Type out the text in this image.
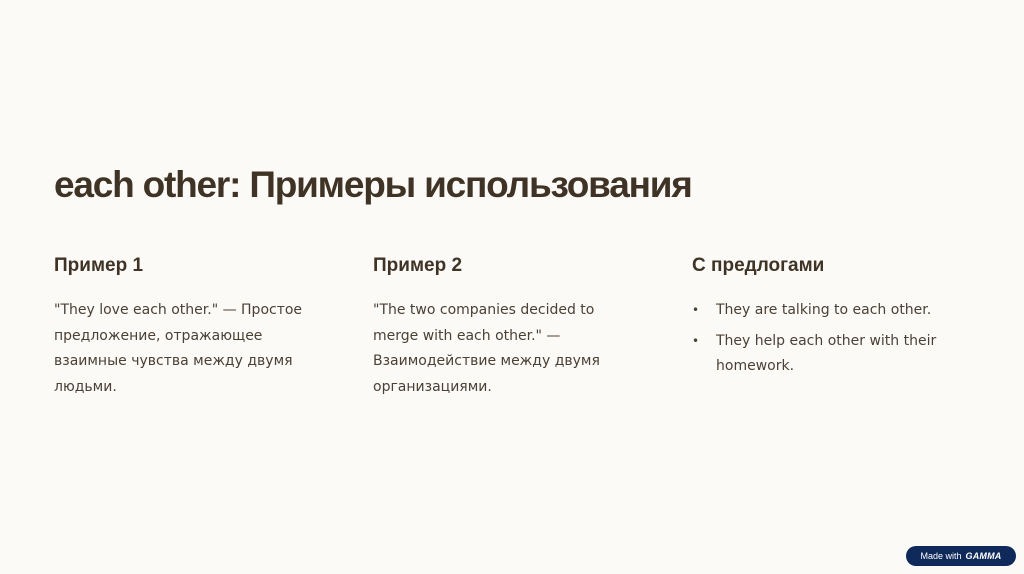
each other: Примеры использования
Пример 1

"They love each other." — Простое предложение, отражающее взаимные чувства между двумя людьми.

Пример 2

"The two companies decided to merge with each other." — Взаимодействие между двумя организациями.

С предлогами
• They are talking to each other.
• They help each other with their homework.
Made with GAMMA
